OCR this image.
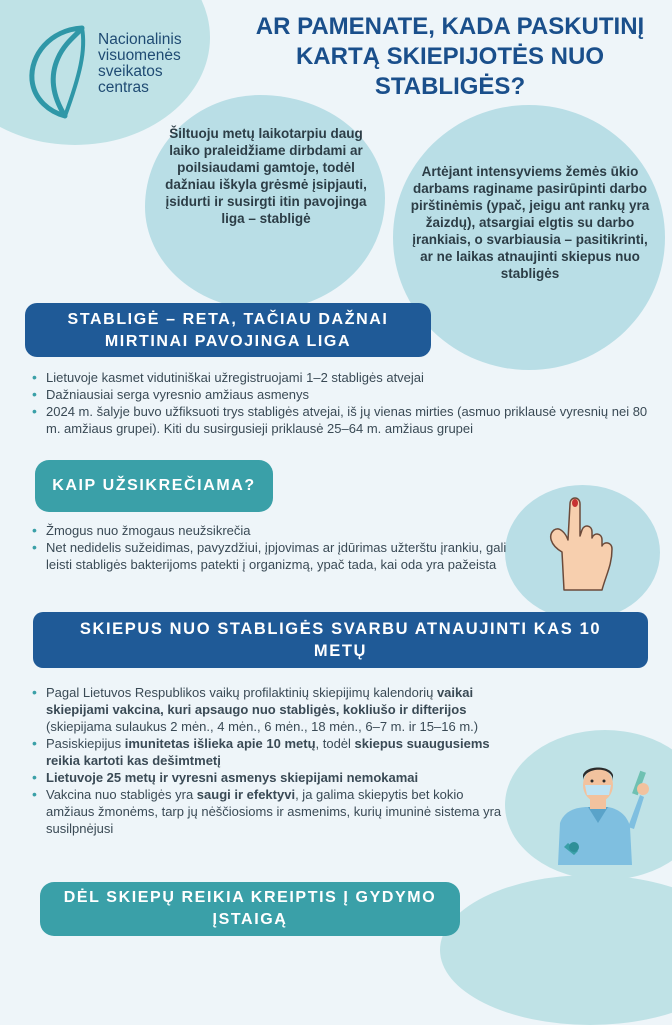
Nacionalinis
visuomenės
sveikatos
centras
AR PAMENATE, KADA PASKUTINĮ
KARTĄ SKIEPIJOTĖS NUO
STABLIGĖS?
Šiltuoju metų laikotarpiu daug laiko praleidžiame dirbdami ar poilsiaudami gamtoje, todėl dažniau iškyla grėsmė įsipjauti, įsidurti ir susirgti itin pavojinga liga – stabligė
Artėjant intensyviems žemės ūkio darbams raginame pasirūpinti darbo pirštinėmis (ypač, jeigu ant rankų yra žaizdų), atsargiai elgtis su darbo įrankiais, o svarbiausia – pasitikrinti, ar ne laikas atnaujinti skiepus nuo stabligės
STABLIGĖ – RETA, TAČIAU DAŽNAI
MIRTINAI PAVOJINGA LIGA
• Lietuvoje kasmet vidutiniškai užregistruojami 1–2 stabligės atvejai
• Dažniausiai serga vyresnio amžiaus asmenys
• 2024 m. šalyje buvo užfiksuoti trys stabligės atvejai, iš jų vienas mirties (asmuo priklausė vyresnių nei 80 m. amžiaus grupei). Kiti du susirgusieji priklausė 25–64 m. amžiaus grupei
KAIP UŽSIKREČIAMA?
• Žmogus nuo žmogaus neužsikrečia
• Net nedidelis sužeidimas, pavyzdžiui, įpjovimas ar įdūrimas užterštu įrankiu, gali leisti stabligės bakterijoms patekti į organizmą, ypač tada, kai oda yra pažeista
SKIEPUS NUO STABLIGĖS SVARBU ATNAUJINTI KAS 10
METŲ
• Pagal Lietuvos Respublikos vaikų profilaktinių skiepijimų kalendorių vaikai skiepijami vakcina, kuri apsaugo nuo stabligės, kokliušo ir difterijos (skiepijama sulaukus 2 mėn., 4 mėn., 6 mėn., 18 mėn., 6–7 m. ir 15–16 m.)
• Pasiskiepijus imunitetas išlieka apie 10 metų, todėl skiepus suaugusiems reikia kartoti kas dešimtmetį
• Lietuvoje 25 metų ir vyresni asmenys skiepijami nemokamai
• Vakcina nuo stabligės yra saugi ir efektyvi, ja galima skiepytis bet kokio amžiaus žmonėms, tarp jų nėščiosioms ir asmenims, kurių imuninė sistema yra susilpnėjusi
DĖL SKIEPŲ REIKIA KREIPTIS Į GYDYMO
ĮSTAIGĄ
